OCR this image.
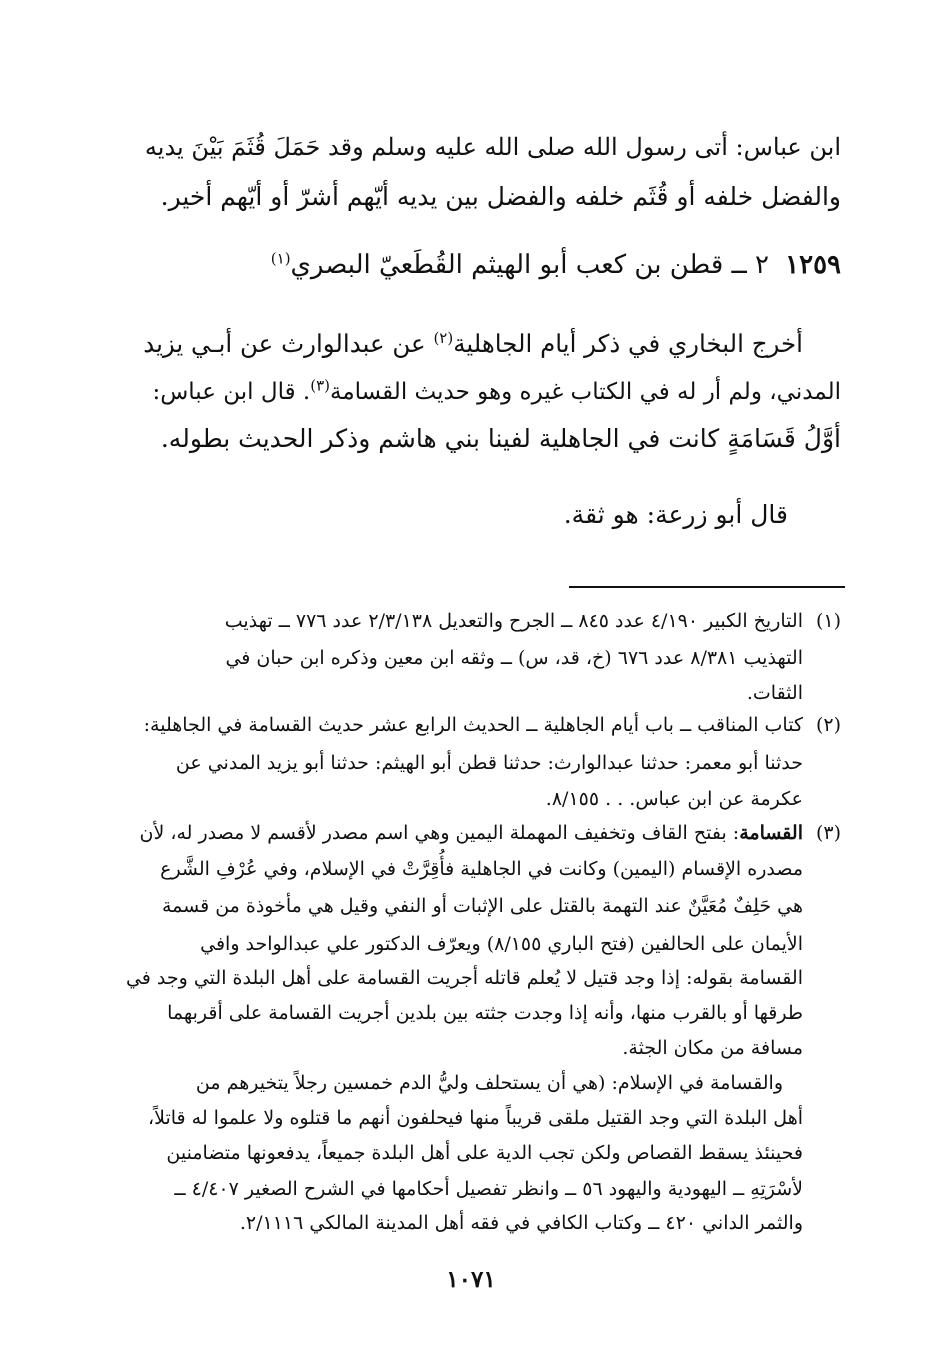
ابن عباس: أتى رسول الله صلى الله عليه وسلم وقد حَمَلَ قُثَمَ بَيْنَ يديه
والفضل خلفه أو قُثَم خلفه والفضل بين يديه أيّهم أشرّ أو أيّهم أخير.
١٢٥٩
٢ ــ قطن بن كعب أبو الهيثم القُطَعيّ البصري$^{(١)}$
أخرج البخاري في ذكر أيام الجاهلية$^{(٢)}$ عن عبدالوارث عن أبـي يزيد
المدني، ولم أر له في الكتاب غيره وهو حديث القسامة$^{(٣)}$. قال ابن عباس:
أوَّلُ قَسَامَةٍ كانت في الجاهلية لفينا بني هاشم وذكر الحديث بطوله.
قال أبو زرعة: هو ثقة.
(١)
التاريخ الكبير ٤/١٩٠ عدد ٨٤٥ ــ الجرح والتعديل ٢/٣/١٣٨ عدد ٧٧٦ ــ تهذيب
التهذيب ٨/٣٨١ عدد ٦٧٦ (خ، قد، س) ــ وثقه ابن معين وذكره ابن حبان في
الثقات.
(٢)
كتاب المناقب ــ باب أيام الجاهلية ــ الحديث الرابع عشر حديث القسامة في الجاهلية:
حدثنا أبو معمر: حدثنا عبدالوارث: حدثنا قطن أبو الهيثم: حدثنا أبو يزيد المدني عن
عكرمة عن ابن عباس. . . ٨/١٥٥.
(٣)
القسامة: بفتح القاف وتخفيف المهملة اليمين وهي اسم مصدر لأقسم لا مصدر له، لأن
مصدره الإقسام (اليمين) وكانت في الجاهلية فأُقِرَّتْ في الإسلام، وفي عُرْفِ الشَّرع
هي حَلِفٌ مُعَيَّنٌ عند التهمة بالقتل على الإثبات أو النفي وقيل هي مأخوذة من قسمة
الأيمان على الحالفين (فتح الباري ٨/١٥٥) ويعرّف الدكتور علي عبدالواحد وافي
القسامة بقوله: إذا وجد قتيل لا يُعلم قاتله أجريت القسامة على أهل البلدة التي وجد في
طرقها أو بالقرب منها، وأنه إذا وجدت جثته بين بلدين أجريت القسامة على أقربهما
مسافة من مكان الجثة.
والقسامة في الإسلام: (هي أن يستحلف وليُّ الدم خمسين رجلاً يتخيرهم من
أهل البلدة التي وجد القتيل ملقى قريباً منها فيحلفون أنهم ما قتلوه ولا علموا له قاتلاً،
فحينئذ يسقط القصاص ولكن تجب الدية على أهل البلدة جميعاً، يدفعونها متضامنين
لأسْرَتِهِ ــ اليهودية واليهود ٥٦ ــ وانظر تفصيل أحكامها في الشرح الصغير ٤/٤٠٧ ــ
والثمر الداني ٤٢٠ ــ وكتاب الكافي في فقه أهل المدينة المالكي ٢/١١١٦.
١٠٧١
